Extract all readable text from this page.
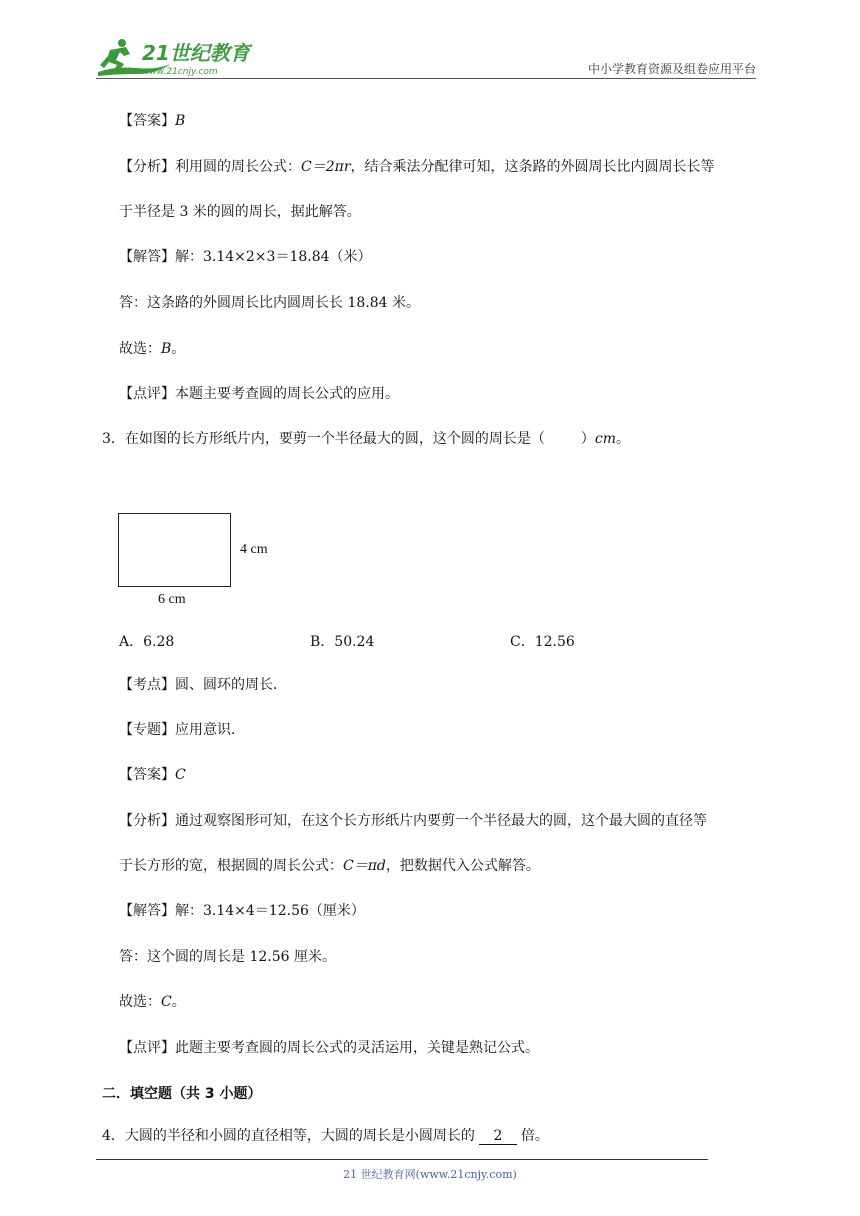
21世纪教育
www.21cnjy.com	中小学教育资源及组卷应用平台
【答案】B
【分析】利用圆的周长公式：C＝2πr，结合乘法分配律可知，这条路的外圆周长比内圆周长长等
于半径是 3 米的圆的周长，据此解答。
【解答】解：3.14×2×3＝18.84（米）
答：这条路的外圆周长比内圆周长长 18.84 米。
故选：B。
【点评】本题主要考查圆的周长公式的应用。
3．在如图的长方形纸片内，要剪一个半径最大的圆，这个圆的周长是（	）cm。
4 cm
6 cm
A．6.28	B．50.24	C．12.56
【考点】圆、圆环的周长．
【专题】应用意识．
【答案】C
【分析】通过观察图形可知，在这个长方形纸片内要剪一个半径最大的圆，这个最大圆的直径等
于长方形的宽，根据圆的周长公式：C＝πd，把数据代入公式解答。
【解答】解：3.14×4＝12.56（厘米）
答：这个圆的周长是 12.56 厘米。
故选：C。
【点评】此题主要考查圆的周长公式的灵活运用，关键是熟记公式。
二．填空题（共 3 小题）
4．大圆的半径和小圆的直径相等，大圆的周长是小圆周长的 2 倍。
21 世纪教育网(www.21cnjy.com)
